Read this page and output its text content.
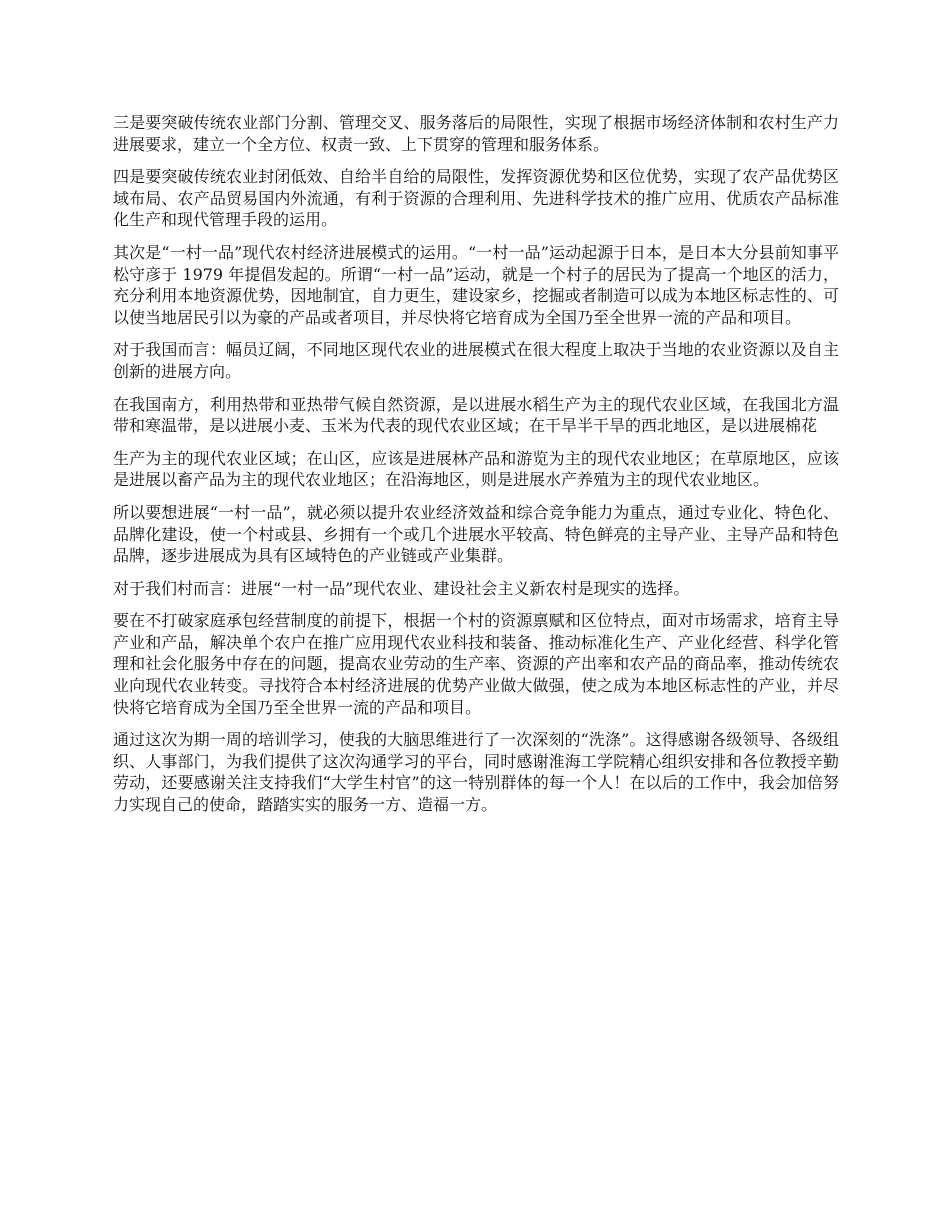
三是要突破传统农业部门分割、管理交叉、服务落后的局限性，实现了根据市场经济体制和农村生产力进展要求，建立一个全方位、权责一致、上下贯穿的管理和服务体系。

四是要突破传统农业封闭低效、自给半自给的局限性，发挥资源优势和区位优势，实现了农产品优势区域布局、农产品贸易国内外流通，有利于资源的合理利用、先进科学技术的推广应用、优质农产品标准化生产和现代管理手段的运用。

其次是“一村一品”现代农村经济进展模式的运用。“一村一品”运动起源于日本，是日本大分县前知事平松守彦于 1979 年提倡发起的。所谓“一村一品”运动，就是一个村子的居民为了提高一个地区的活力，充分利用本地资源优势，因地制宜，自力更生，建设家乡，挖掘或者制造可以成为本地区标志性的、可以使当地居民引以为豪的产品或者项目，并尽快将它培育成为全国乃至全世界一流的产品和项目。

对于我国而言：幅员辽阔，不同地区现代农业的进展模式在很大程度上取决于当地的农业资源以及自主创新的进展方向。

在我国南方，利用热带和亚热带气候自然资源，是以进展水稻生产为主的现代农业区域，在我国北方温带和寒温带，是以进展小麦、玉米为代表的现代农业区域；在干旱半干旱的西北地区，是以进展棉花

生产为主的现代农业区域；在山区，应该是进展林产品和游览为主的现代农业地区；在草原地区，应该是进展以畜产品为主的现代农业地区；在沿海地区，则是进展水产养殖为主的现代农业地区。

所以要想进展“一村一品”，就必须以提升农业经济效益和综合竞争能力为重点，通过专业化、特色化、品牌化建设，使一个村或县、乡拥有一个或几个进展水平较高、特色鲜亮的主导产业、主导产品和特色品牌，逐步进展成为具有区域特色的产业链或产业集群。

对于我们村而言：进展“一村一品”现代农业、建设社会主义新农村是现实的选择。

要在不打破家庭承包经营制度的前提下，根据一个村的资源禀赋和区位特点，面对市场需求，培育主导产业和产品，解决单个农户在推广应用现代农业科技和装备、推动标准化生产、产业化经营、科学化管理和社会化服务中存在的问题，提高农业劳动的生产率、资源的产出率和农产品的商品率，推动传统农业向现代农业转变。寻找符合本村经济进展的优势产业做大做强，使之成为本地区标志性的产业，并尽快将它培育成为全国乃至全世界一流的产品和项目。

通过这次为期一周的培训学习，使我的大脑思维进行了一次深刻的“洗涤”。这得感谢各级领导、各级组织、人事部门，为我们提供了这次沟通学习的平台，同时感谢淮海工学院精心组织安排和各位教授辛勤劳动，还要感谢关注支持我们“大学生村官”的这一特别群体的每一个人！在以后的工作中，我会加倍努力实现自己的使命，踏踏实实的服务一方、造福一方。
